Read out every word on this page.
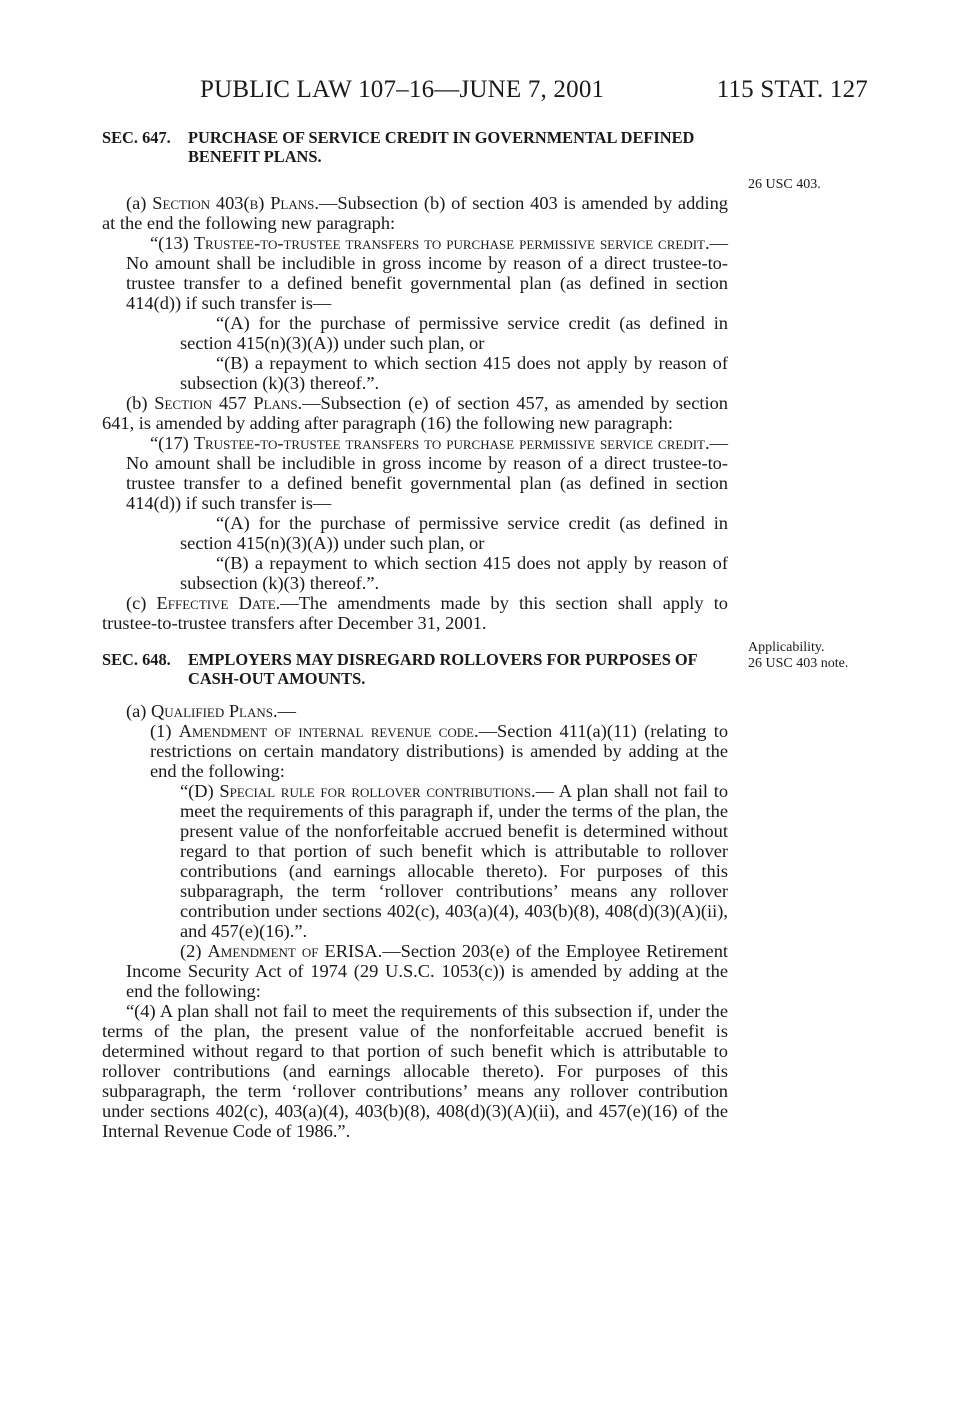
PUBLIC LAW 107–16—JUNE 7, 2001	115 STAT. 127
26 USC 403.
Applicability.
26 USC 403 note.
SEC. 647. PURCHASE OF SERVICE CREDIT IN GOVERNMENTAL DEFINED BENEFIT PLANS.

(a) Section 403(b) Plans.—Subsection (b) of section 403 is amended by adding at the end the following new paragraph:

“(13) Trustee-to-trustee transfers to purchase permissive service credit.—No amount shall be includible in gross income by reason of a direct trustee-to-trustee transfer to a defined benefit governmental plan (as defined in section 414(d)) if such transfer is—

“(A) for the purchase of permissive service credit (as defined in section 415(n)(3)(A)) under such plan, or

“(B) a repayment to which section 415 does not apply by reason of subsection (k)(3) thereof.”.

(b) Section 457 Plans.—Subsection (e) of section 457, as amended by section 641, is amended by adding after paragraph (16) the following new paragraph:

“(17) Trustee-to-trustee transfers to purchase permissive service credit.—No amount shall be includible in gross income by reason of a direct trustee-to-trustee transfer to a defined benefit governmental plan (as defined in section 414(d)) if such transfer is—

“(A) for the purchase of permissive service credit (as defined in section 415(n)(3)(A)) under such plan, or

“(B) a repayment to which section 415 does not apply by reason of subsection (k)(3) thereof.”.

(c) Effective Date.—The amendments made by this section shall apply to trustee-to-trustee transfers after December 31, 2001.

SEC. 648. EMPLOYERS MAY DISREGARD ROLLOVERS FOR PURPOSES OF CASH-OUT AMOUNTS.

(a) Qualified Plans.—

(1) Amendment of internal revenue code.—Section 411(a)(11) (relating to restrictions on certain mandatory distributions) is amended by adding at the end the following:

“(D) Special rule for rollover contributions.— A plan shall not fail to meet the requirements of this paragraph if, under the terms of the plan, the present value of the nonforfeitable accrued benefit is determined without regard to that portion of such benefit which is attributable to rollover contributions (and earnings allocable thereto). For purposes of this subparagraph, the term ‘rollover contributions’ means any rollover contribution under sections 402(c), 403(a)(4), 403(b)(8), 408(d)(3)(A)(ii), and 457(e)(16).”.

(2) Amendment of ERISA.—Section 203(e) of the Employee Retirement Income Security Act of 1974 (29 U.S.C. 1053(c)) is amended by adding at the end the following:

“(4) A plan shall not fail to meet the requirements of this subsection if, under the terms of the plan, the present value of the nonforfeitable accrued benefit is determined without regard to that portion of such benefit which is attributable to rollover contributions (and earnings allocable thereto). For purposes of this subparagraph, the term ‘rollover contributions’ means any rollover contribution under sections 402(c), 403(a)(4), 403(b)(8), 408(d)(3)(A)(ii), and 457(e)(16) of the Internal Revenue Code of 1986.”.
